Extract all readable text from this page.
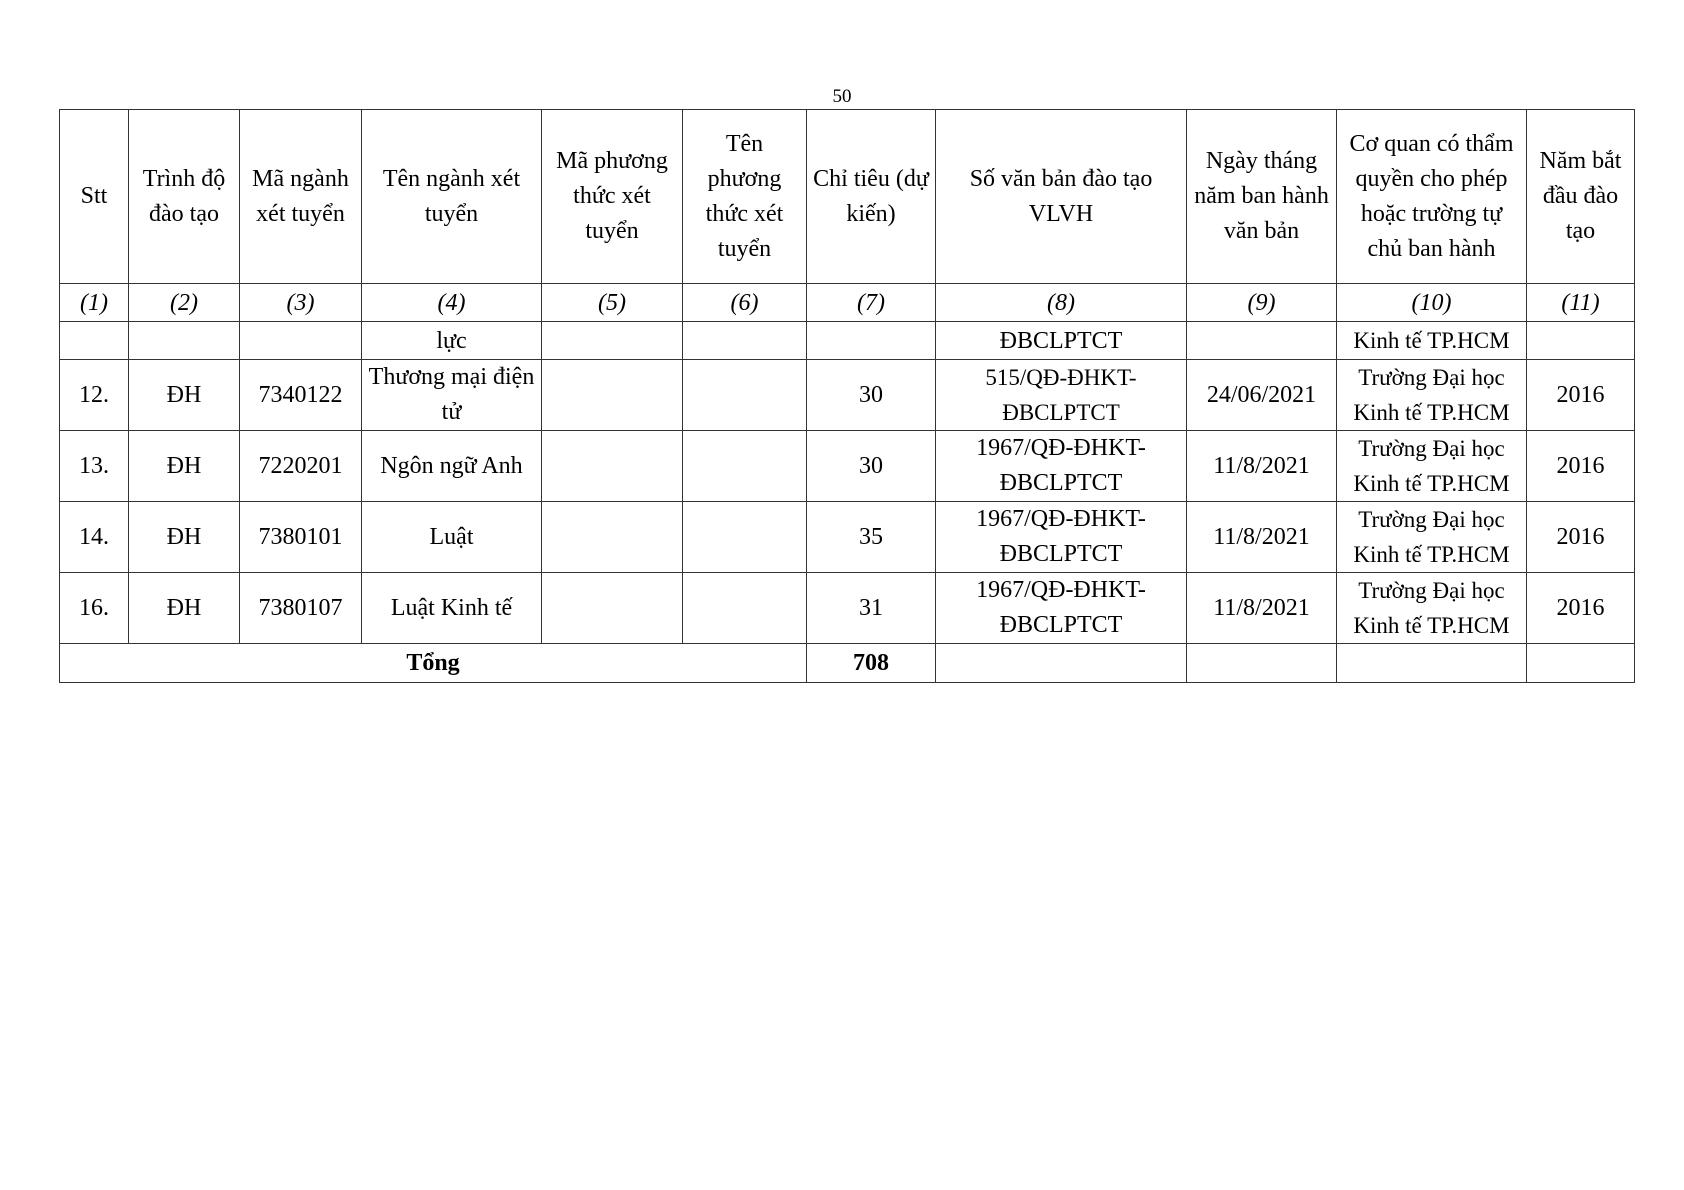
50
Stt	Trình độ đào tạo	Mã ngành xét tuyển	Tên ngành xét tuyển	Mã phương thức xét tuyển	Tên phương thức xét tuyển	Chỉ tiêu (dự kiến)	Số văn bản đào tạo VLVH	Ngày tháng năm ban hành văn bản	Cơ quan có thẩm quyền cho phép hoặc trường tự chủ ban hành	Năm bắt đầu đào tạo
(1)	(2)	(3)	(4)	(5)	(6)	(7)	(8)	(9)	(10)	(11)
			lực				ĐBCLPTCT		Kinh tế TP.HCM	
12.	ĐH	7340122	Thương mại điện tử			30	515/QĐ-ĐHKT-ĐBCLPTCT	24/06/2021	Trường Đại học Kinh tế TP.HCM	2016
13.	ĐH	7220201	Ngôn ngữ Anh			30	1967/QĐ-ĐHKT-ĐBCLPTCT	11/8/2021	Trường Đại học Kinh tế TP.HCM	2016
14.	ĐH	7380101	Luật			35	1967/QĐ-ĐHKT-ĐBCLPTCT	11/8/2021	Trường Đại học Kinh tế TP.HCM	2016
16.	ĐH	7380107	Luật Kinh tế			31	1967/QĐ-ĐHKT-ĐBCLPTCT	11/8/2021	Trường Đại học Kinh tế TP.HCM	2016
Tổng						708				
